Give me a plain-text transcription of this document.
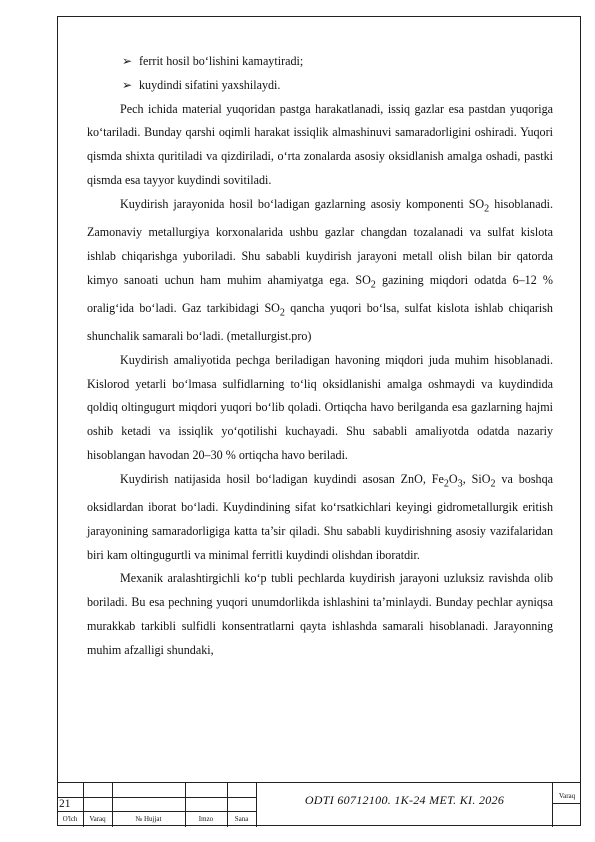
➢ ferrit hosil bo‘lishini kamaytiradi;
➢ kuydindi sifatini yaxshilaydi.

Pech ichida material yuqoridan pastga harakatlanadi, issiq gazlar esa pastdan yuqoriga ko‘tariladi. Bunday qarshi oqimli harakat issiqlik almashinuvi samaradorligini oshiradi. Yuqori qismda shixta quritiladi va qizdiriladi, o‘rta zonalarda asosiy oksidlanish amalga oshadi, pastki qismda esa tayyor kuydindi sovitiladi.

Kuydirish jarayonida hosil bo‘ladigan gazlarning asosiy komponenti $SO_2$ hisoblanadi. Zamonaviy metallurgiya korxonalarida ushbu gazlar changdan tozalanadi va sulfat kislota ishlab chiqarishga yuboriladi. Shu sababli kuydirish jarayoni metall olish bilan bir qatorda kimyo sanoati uchun ham muhim ahamiyatga ega. $SO_2$ gazining miqdori odatda 6–12 % oralig‘ida bo‘ladi. Gaz tarkibidagi $SO_2$ qancha yuqori bo‘lsa, sulfat kislota ishlab chiqarish shunchalik samarali bo‘ladi. (metallurgist.pro)

Kuydirish amaliyotida pechga beriladigan havoning miqdori juda muhim hisoblanadi. Kislorod yetarli bo‘lmasa sulfidlarning to‘liq oksidlanishi amalga oshmaydi va kuydindida qoldiq oltingugurt miqdori yuqori bo‘lib qoladi. Ortiqcha havo berilganda esa gazlarning hajmi oshib ketadi va issiqlik yo‘qotilishi kuchayadi. Shu sababli amaliyotda odatda nazariy hisoblangan havodan 20–30 % ortiqcha havo beriladi.

Kuydirish natijasida hosil bo‘ladigan kuydindi asosan ZnO, $Fe_2O_3$, SiO$_2$ va boshqa oksidlardan iborat bo‘ladi. Kuydindining sifat ko‘rsatkichlari keyingi gidrometallurgik eritish jarayonining samaradorligiga katta ta’sir qiladi. Shu sababli kuydirishning asosiy vazifalaridan biri kam oltingugurtli va minimal ferritli kuydindi olishdan iboratdir.

Mexanik aralashtirgichli ko‘p tubli pechlarda kuydirish jarayoni uzluksiz ravishda olib boriladi. Bu esa pechning yuqori unumdorlikda ishlashini ta’minlaydi. Bunday pechlar ayniqsa murakkab tarkibli sulfidli konsentratlarni qayta ishlashda samarali hisoblanadi. Jarayonning muhim afzalligi shundaki,

21	ODTI 60712100. 1K-24 MET. KI. 2026	Varaq
O'lch	Varaq	№ Hujjat	Imzo	Sana
